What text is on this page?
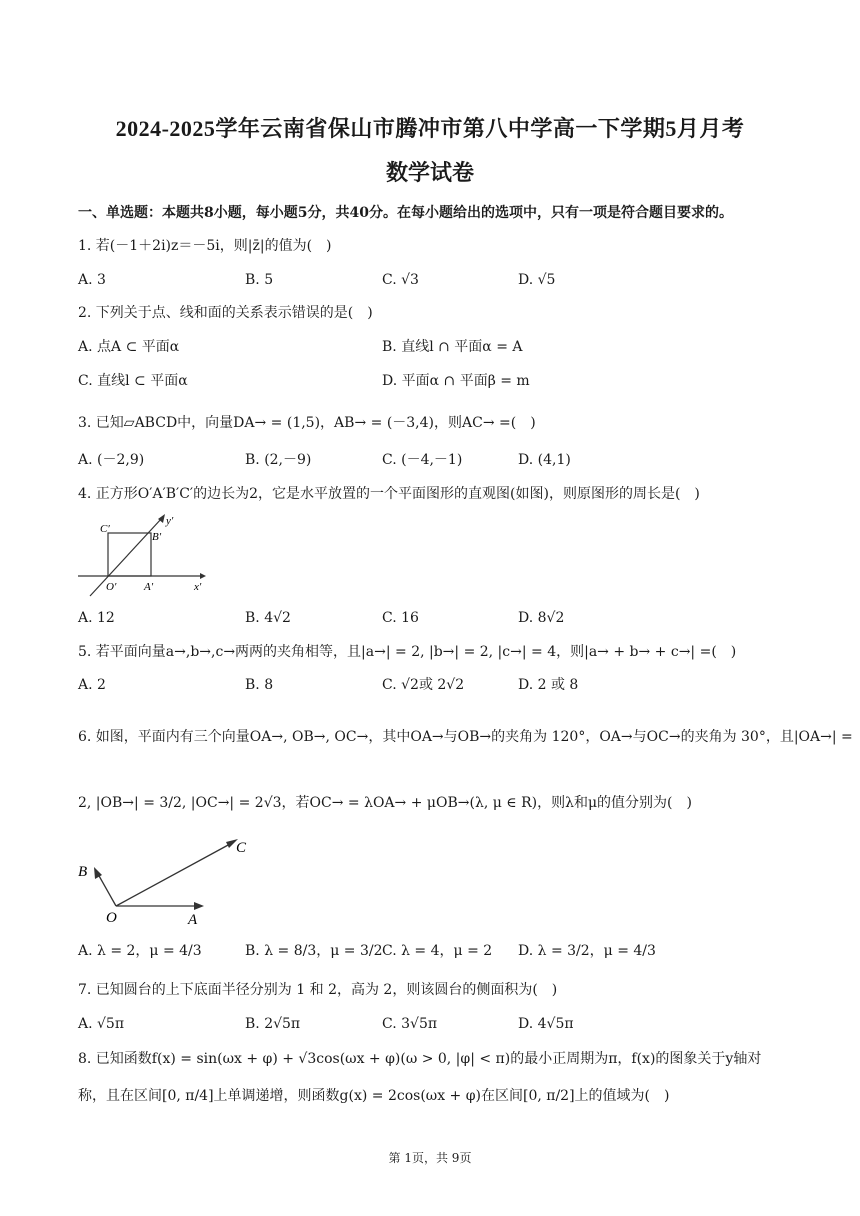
2024-2025学年云南省保山市腾冲市第八中学高一下学期5月月考
数学试卷
一、单选题：本题共8小题，每小题5分，共40分。在每小题给出的选项中，只有一项是符合题目要求的。
1. 若(－1＋2i)z＝－5i，则|z̄|的值为(　)
A. 3	B. 5	C. √3	D. √5
2. 下列关于点、线和面的关系表示错误的是(　)
A. 点A ⊂ 平面α	B. 直线l ∩ 平面α = A
C. 直线l ⊂ 平面α	D. 平面α ∩ 平面β = m
3. 已知▱ABCD中，向量DA→ = (1,5)，AB→ = (－3,4)，则AC→ =(　)
A. (－2,9)	B. (2,－9)	C. (－4,－1)	D. (4,1)
4. 正方形O′A′B′C′的边长为2，它是水平放置的一个平面图形的直观图(如图)，则原图形的周长是(　)
C′
y′
B′
O′	A′	x′
A. 12	B. 4√2	C. 16	D. 8√2
5. 若平面向量a→,b→,c→两两的夹角相等，且|a→| = 2, |b→| = 2, |c→| = 4，则|a→ + b→ + c→| =(　)
A. 2	B. 8	C. √2或 2√2	D. 2 或 8
6. 如图，平面内有三个向量OA→, OB→, OC→，其中OA→与OB→的夹角为 120°，OA→与OC→的夹角为 30°，且|OA→| =
2, |OB→| = 3/2, |OC→| = 2√3，若OC→ = λOA→ + μOB→(λ, μ ∈ R)，则λ和μ的值分别为(　)
B
C
O	A
A. λ = 2，μ = 4/3	B. λ = 8/3，μ = 3/2 C. λ = 4，μ = 2 D. λ = 3/2，μ = 4/3
7. 已知圆台的上下底面半径分别为 1 和 2，高为 2，则该圆台的侧面积为(　)
A. √5π	B. 2√5π	C. 3√5π	D. 4√5π
8. 已知函数f(x) = sin(ωx + φ) + √3cos(ωx + φ)(ω > 0, |φ| < π)的最小正周期为π，f(x)的图象关于y轴对
称，且在区间[0, π/4]上单调递增，则函数g(x) = 2cos(ωx + φ)在区间[0, π/2]上的值域为(　)
第 1页，共 9页
